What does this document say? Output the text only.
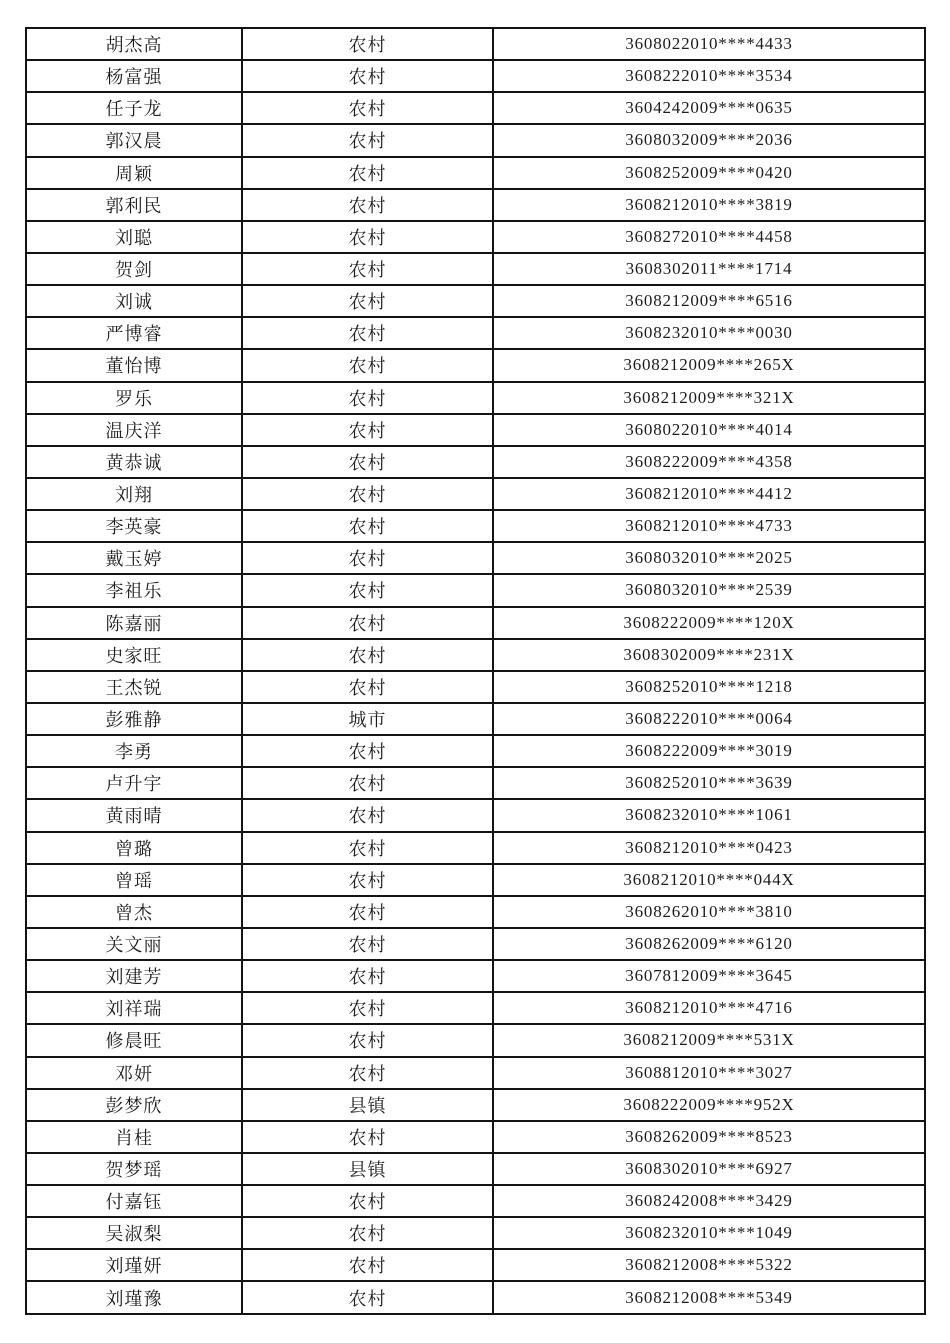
胡杰高	农村	3608022010****4433
杨富强	农村	3608222010****3534
任子龙	农村	3604242009****0635
郭汉晨	农村	3608032009****2036
周颖	农村	3608252009****0420
郭利民	农村	3608212010****3819
刘聪	农村	3608272010****4458
贺剑	农村	3608302011****1714
刘诚	农村	3608212009****6516
严博睿	农村	3608232010****0030
董怡博	农村	3608212009****265X
罗乐	农村	3608212009****321X
温庆洋	农村	3608022010****4014
黄恭诚	农村	3608222009****4358
刘翔	农村	3608212010****4412
李英豪	农村	3608212010****4733
戴玉婷	农村	3608032010****2025
李祖乐	农村	3608032010****2539
陈嘉丽	农村	3608222009****120X
史家旺	农村	3608302009****231X
王杰锐	农村	3608252010****1218
彭雅静	城市	3608222010****0064
李勇	农村	3608222009****3019
卢升宇	农村	3608252010****3639
黄雨晴	农村	3608232010****1061
曾璐	农村	3608212010****0423
曾瑶	农村	3608212010****044X
曾杰	农村	3608262010****3810
关文丽	农村	3608262009****6120
刘建芳	农村	3607812009****3645
刘祥瑞	农村	3608212010****4716
修晨旺	农村	3608212009****531X
邓妍	农村	3608812010****3027
彭梦欣	县镇	3608222009****952X
肖桂	农村	3608262009****8523
贺梦瑶	县镇	3608302010****6927
付嘉钰	农村	3608242008****3429
吴淑梨	农村	3608232010****1049
刘瑾妍	农村	3608212008****5322
刘瑾豫	农村	3608212008****5349
